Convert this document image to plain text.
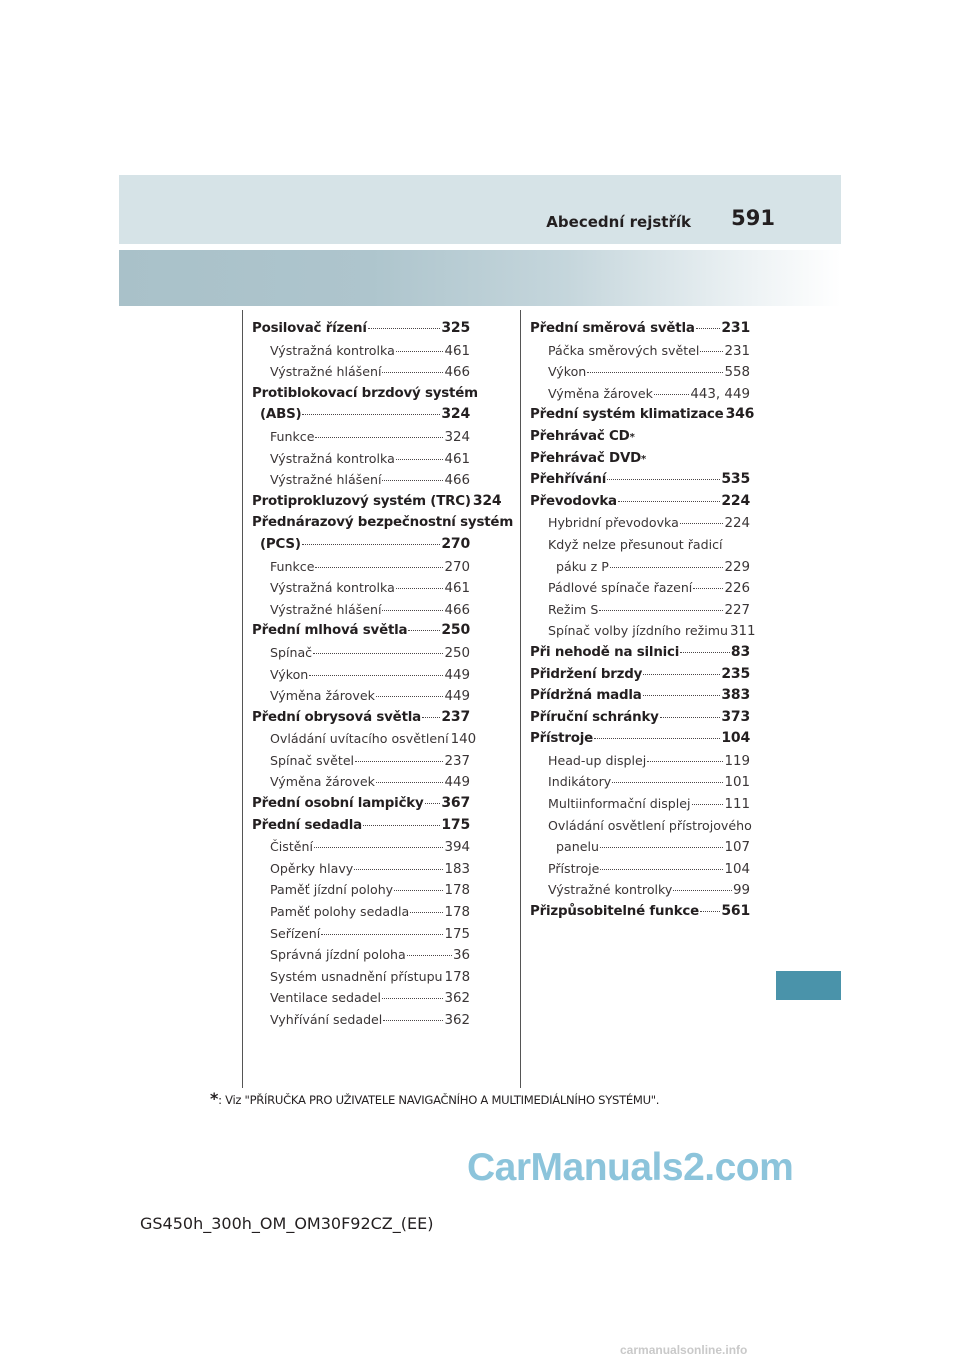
Abecední rejstřík 591
Posilovač řízení	325
Výstražná kontrolka	461
Výstražné hlášení	466
Protiblokovací brzdový systém
(ABS)	324
Funkce	324
Výstražná kontrolka	461
Výstražné hlášení	466
Protiprokluzový systém (TRC) 324
Přednárazový bezpečnostní systém
(PCS)	270
Funkce	270
Výstražná kontrolka	461
Výstražné hlášení	466
Přední mlhová světla 250
Spínač	250
Výkon	449
Výměna žárovek	449
Přední obrysová světla 237
Ovládání uvítacího osvětlení 140
Spínač světel	237
Výměna žárovek	449
Přední osobní lampičky 367
Přední sedadla	175
Čistění	394
Opěrky hlavy	183
Paměť jízdní polohy	178
Paměť polohy sedadla	178
Seřízení	175
Správná jízdní poloha	36
Systém usnadnění přístupu 178
Ventilace sedadel	362
Vyhřívání sedadel	362
Přední směrová světla 231
Páčka směrových světel 231
Výkon	558
Výměna žárovek	443, 449
Přední systém klimatizace 346
Přehrávač CD *
Přehrávač DVD *
Přehřívání	535
Převodovka	224
Hybridní převodovka	224
Když nelze přesunout řadicí
páku z P	229
Pádlové spínače řazení 226
Režim S	227
Spínač volby jízdního režimu 311
Při nehodě na silnici	83
Přidržení brzdy	235
Přídržná madla	383
Příruční schránky	373
Přístroje	104
Head-up displej	119
Indikátory	101
Multiinformační displej	111
Ovládání osvětlení přístrojového
panelu	107
Přístroje	104
Výstražné kontrolky	99
Přizpůsobitelné funkce 561
*: Viz "PŘÍRUČKA PRO UŽIVATELE NAVIGAČNÍHO A MULTIMEDIÁLNÍHO SYSTÉMU".
CarManuals2.com
GS450h_300h_OM_OM30F92CZ_(EE)
carmanualsonline.info
